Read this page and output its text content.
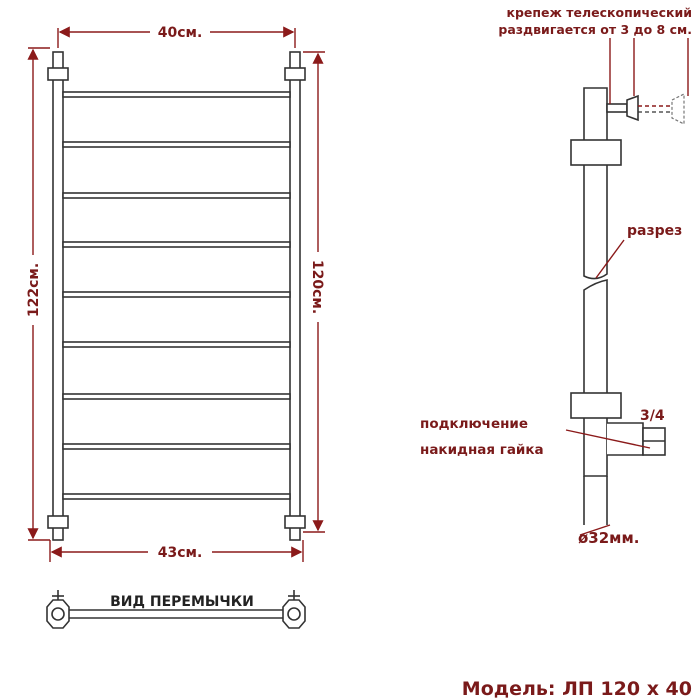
40см.
43см.
122см.	120см.
ВИД ПЕРЕМЫЧКИ
крепеж телескопический
раздвигается от 3 до 8 см.
разрез
подключение
накидная гайка
3/4
ø32мм.
Модель: ЛП 120 х 40
